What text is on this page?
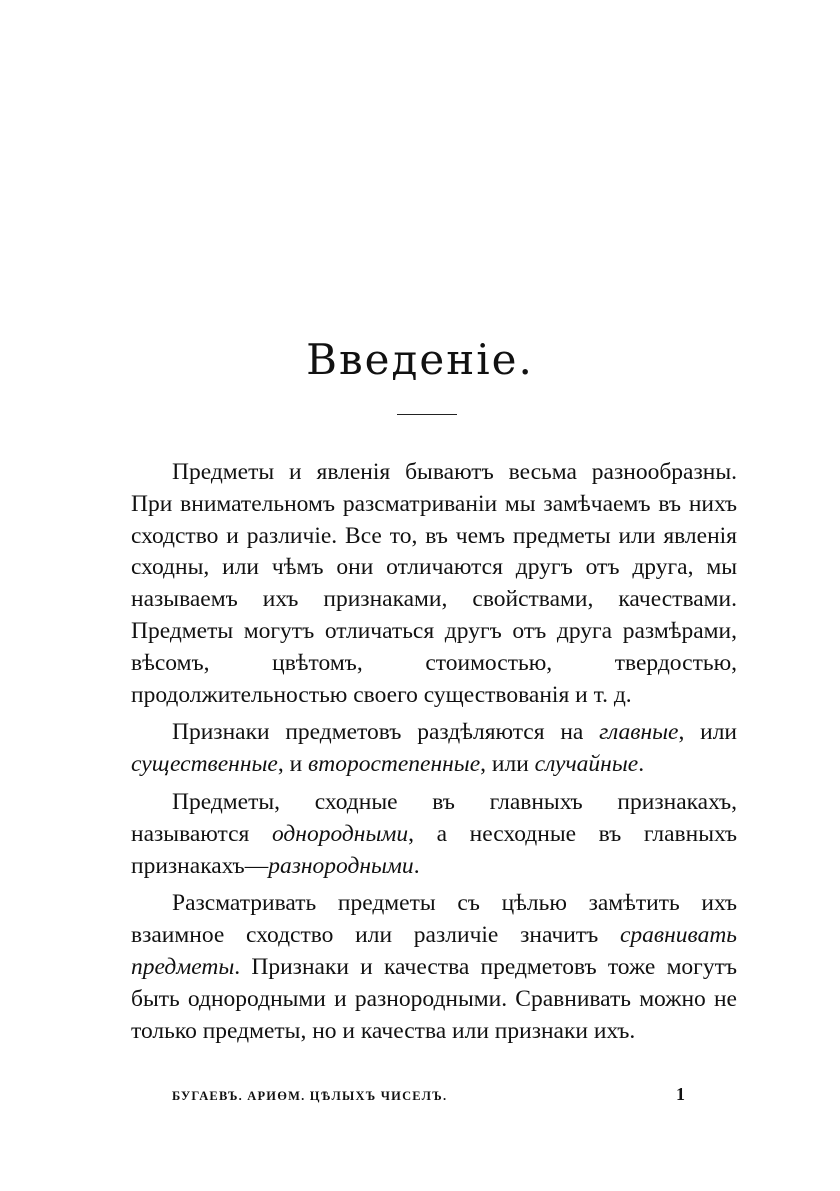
Введеніе.

Предметы и явленія бываютъ весьма разнообразны. При внимательномъ разсматриваніи мы замѣчаемъ въ нихъ сходство и различіе. Все то, въ чемъ предметы или явленія сходны, или чѣмъ они отличаются другъ отъ друга, мы называемъ ихъ признаками, свойствами, качествами. Предметы могутъ отличаться другъ отъ друга размѣрами, вѣсомъ, цвѣтомъ, стоимостью, твердостью, продолжительностью своего существованія и т. д.

Признаки предметовъ раздѣляются на главные, или существенные, и второстепенные, или случайные.

Предметы, сходные въ главныхъ признакахъ, называются однородными, а несходные въ главныхъ признакахъ—разнородными.

Разсматривать предметы съ цѣлью замѣтить ихъ взаимное сходство или различіе значитъ сравнивать предметы. Признаки и качества предметовъ тоже могутъ быть однородными и разнородными. Сравнивать можно не только предметы, но и качества или признаки ихъ.

БУГАЕВЪ. АРИӨМ. ЦѢЛЫХЪ ЧИСЕЛЪ.	1
